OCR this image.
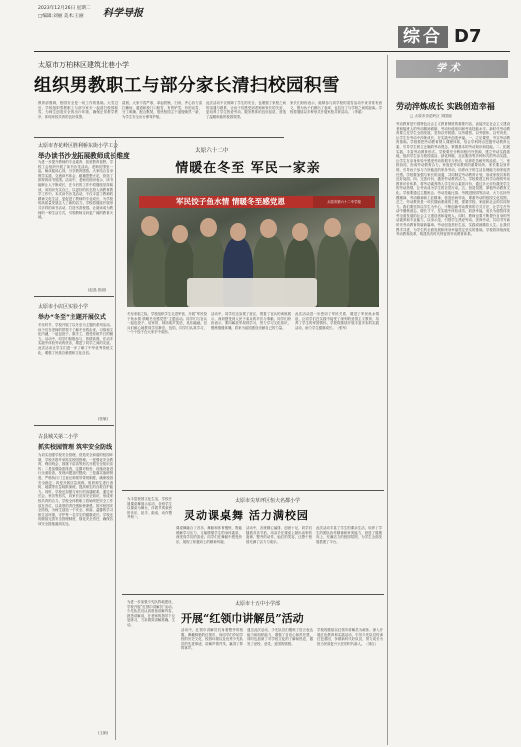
2023年12月26日 星期二
□编辑:刘丽 美术:王丽 科学导报
综合 D7
太原市万柏林区建筑北巷小学
组织男教职工与部分家长清扫校园积雪
教育部强调，校园安全是一切工作的基础。大雪过后，学校组织男教职工与部分家长一起清扫校园积雪，为师生创造安全的出行环境，确保正常教学秩序，体现家校共育的良好氛围。
清晨，大家不畏严寒，拿起铁锹、扫帚，齐心协力清扫操场、通道和校门口积雪，有的铲雪，有的运雪，分工明确，配合默契，很快校园主干道便焕然一新，为学生安全出行保驾护航。
此次活动不仅保障了学生的安全，也增强了家校之间的沟通与联系，让孩子们感受到老师和家长的关爱，更培养了学生热爱劳动、服务集体的良好品质，营造了温暖和谐的校园氛围。
家长们纷纷表示，能够参与到学校的清雪活动中来非常有意义，既为孩子们做出了表率，也拉近了与学校之间的距离。学校将继续以多种形式开展家校共育活动。（李丽）
太原市杏花岭区胜利桥东街小学工会
举办读书沙龙 拓展教师成长维度
为进一步提升教师的专业素养，拓宽教育视野，学校工会组织开展了读书沙龙活动。老师们围坐一起，畅谈阅读心得，分享教育感悟。大家结合自身教学实践，交流读书体会，碰撞思想火花，营造了浓厚的读书氛围。活动中，老师们纷纷表示，读书能够让人不断成长，在今后的工作中将继续坚持阅读，用知识充实自己，以更好的状态投入到教育教学工作中。本次读书沙龙活动，不仅丰富了教师的精神文化生活，更促进了教师的专业成长，为学校的高质量发展注入了新的活力。学校将继续开展形式多样的读书活动，打造书香校园。让阅读成为教师的一种生活方式，引领教师走向更广阔的教育天地。
(赵晶 张丽)
太原市小店区实验小学
举办“冬至”主题开展仪式
冬至时节，学校开展了以冬至为主题的系列活动。孩子们在老师的带领下了解冬至的由来、习俗和文化内涵，一起包饺子、做手工，感受传统节日的魅力。活动中，同学们积极参与，热情高涨，在动手实践中体验劳动的快乐，增进了同学之间的友谊。此次活动让学生们进一步了解了中华优秀传统文化，增强了民族自豪感和文化自信。
(张敏)
古县城关第二小学
抓实校园管理 筑牢安全防线
为切实加强学校安全管理，营造安全和谐的校园环境，学校多措并举抓实校园管理。一是强化安全教育，利用班会、国旗下讲话等形式开展安全知识宣传；二是加强隐患排查，定期对校舍、设施设备进行全面检查，发现问题及时整改；三是落实值班制度，严格执行门卫登记和领导带班制度，确保校园安全稳定；四是开展应急演练，组织师生进行消防、地震等应急疏散演练，提高师生的自救自护能力。同时，学校还加强与家长的沟通联系，通过家长会、家访等形式，向家长宣传安全知识，形成家校共育的合力。学校全体教职工将始终把安全工作放在首位，以高度的责任感和使命感，筑牢校园安全防线，为师生创造一个安全、和谐、温馨的学习和生活环境，守护每一名学生的健康成长。学校还将继续完善安全管理制度，细化安全责任，确保各项安全措施落到实处。
(王颖)
太原六十二中
情暖在冬至 军民一家亲
军民饺子鱼水情 情暖冬至感党恩	太原市第六十二中学校
冬至来临之际，学校组织学生走进军营，开展“军民饺子鱼水情 情暖冬至感党恩”主题活动。同学们与官兵一起包饺子、话家常，现场欢声笑语，其乐融融。官兵们耐心地教同学们擀皮、包馅，同学们认真学习，一个个饺子在大家手中成形。
活动中，同学们还参观了营区，观看了官兵的训练展示，深切感受到人民子弟兵的辛苦与奉献。同学们纷纷表示，要向解放军叔叔学习，努力学习文化知识，锻炼强健体魄，将来为祖国建设贡献自己的力量。
此次活动进一步密切了军民关系，增进了军民鱼水情谊，让同学们在实践中接受了深刻的爱国主义教育，培养了学生的家国情怀。学校将继续开展丰富多彩的实践活动，助力学生健康成长。（张军）
太原市尖草坪区恒大名都小学
灵动课桌舞 活力满校园
为丰富校园文化生活，学校开展课桌舞展示活动，各班学生以课桌为舞台，伴着节奏欢快的音乐，拍手、敲桌，动作整齐划一。
课桌舞融合了音乐、舞蹈和体育锻炼，既能缓解学习压力，又能增强学生的身体素质，深受同学们的喜爱。同学们在舞蹈中感受快乐，展现了积极向上的精神风貌。
活动中，各班精心编排，创意十足，同学们随着音乐节拍，用双手在课桌上敲出动听的旋律，整齐的动作、灿烂的笑容，让整个校园充满了活力与欢乐。
此次活动丰富了学生的课余生活，培养了学生的团队协作精神和审美能力，营造了健康向上、充满活力的校园氛围，为学生全面发展搭建了平台。
太原市十五中小学部
开展“红领巾讲解员”活动
为进一步加强少先队阵地建设，学校开展“红领巾讲解员”活动。少先队员们认真准备讲解内容，熟悉讲解词，在老师的指导下反复练习，力求做到讲解准确、生动。
活动中，红领巾讲解员们身着整齐的校服，佩戴鲜艳的红领巾，向同学们介绍学校的历史文化、校园环境以及优秀少先队员的先进事迹，讲解声情并茂，赢得了阵阵掌声。
通过此次活动，少先队员们锻炼了语言表达能力和组织能力，增强了自信心和责任感，同时也加深了对学校文化的了解和热爱，激发了爱校、爱党、爱国的情感。
学校将继续以红领巾讲解员为载体，深入开展红色教育和实践活动，引导少先队员传承红色基因，争做新时代好队员，努力成长为担当民族复兴大任的时代新人。（刘红）
学 术
劳动淬炼成长 实践创造幸福
□ 太原市杏花岭区 刘国丽
劳动教育是中国特色社会主义教育制度的重要内容，直接决定社会主义建设者和接班人的劳动精神面貌、劳动价值取向和劳动技能水平。新时代劳动教育要立足学生全面发展，坚持以劳树德、以劳增智、以劳强体、以劳育美，让学生在劳动中淬炼成长，在实践中创造幸福。一、立足课堂，夯实劳动教育基础。学校要把劳动教育纳入课程体系，结合学科特点挖掘劳动教育元素，引导学生树立正确的劳动观念，掌握基本的劳动知识和技能。二、拓展实践，丰富劳动教育形式。学校要充分利用校内外资源，建立劳动实践基地，组织学生参与校园清洁、绿化种植、社区服务等多种形式的劳动实践，让学生在亲身体验中感受劳动的艰辛与快乐，培养吃苦耐劳的品质。三、家校协同，形成劳动教育合力。家庭是劳动教育的重要场所，家长要以身作则，引导孩子参与力所能及的家务劳动，培养孩子的生活自理能力和家庭责任感。学校要加强与家长的沟通，共同制定劳动教育计划，形成家校共育的良好局面。四、完善评价，激发劳动教育活力。学校要建立科学合理的劳动教育评价体系，将劳动素养纳入学生综合素质评价，通过多元评价激发学生的劳动热情，让劳动成为学生的自觉行动。五、营造氛围，厚植劳动教育文化。学校要通过主题班会、劳动技能比赛、劳模进校园等活动，大力弘扬劳模精神、劳动精神和工匠精神，营造崇尚劳动、尊重劳动的校园文化氛围。总之，劳动教育是一项长期而系统的工程，需要学校、家庭和社会的共同努力。我们要坚持以学生为中心，不断创新劳动教育的方式方法，让学生在劳动中磨炼意志、增长才干，在实践中体验成功、收获幸福，成长为德智体美劳全面发展的社会主义建设者和接班人。同时，教师也要不断提升自身的劳动素养和专业能力，以身示范，引领学生热爱劳动、崇尚劳动，共同书写新时代劳动教育的崭新篇章。劳动创造美好生活，实践成就精彩人生。让我们携手共进，为学生的全面发展和终身幸福奠定坚实的基础。学校将持续深化劳动教育改革，构建具有时代特征的劳动教育体系。
